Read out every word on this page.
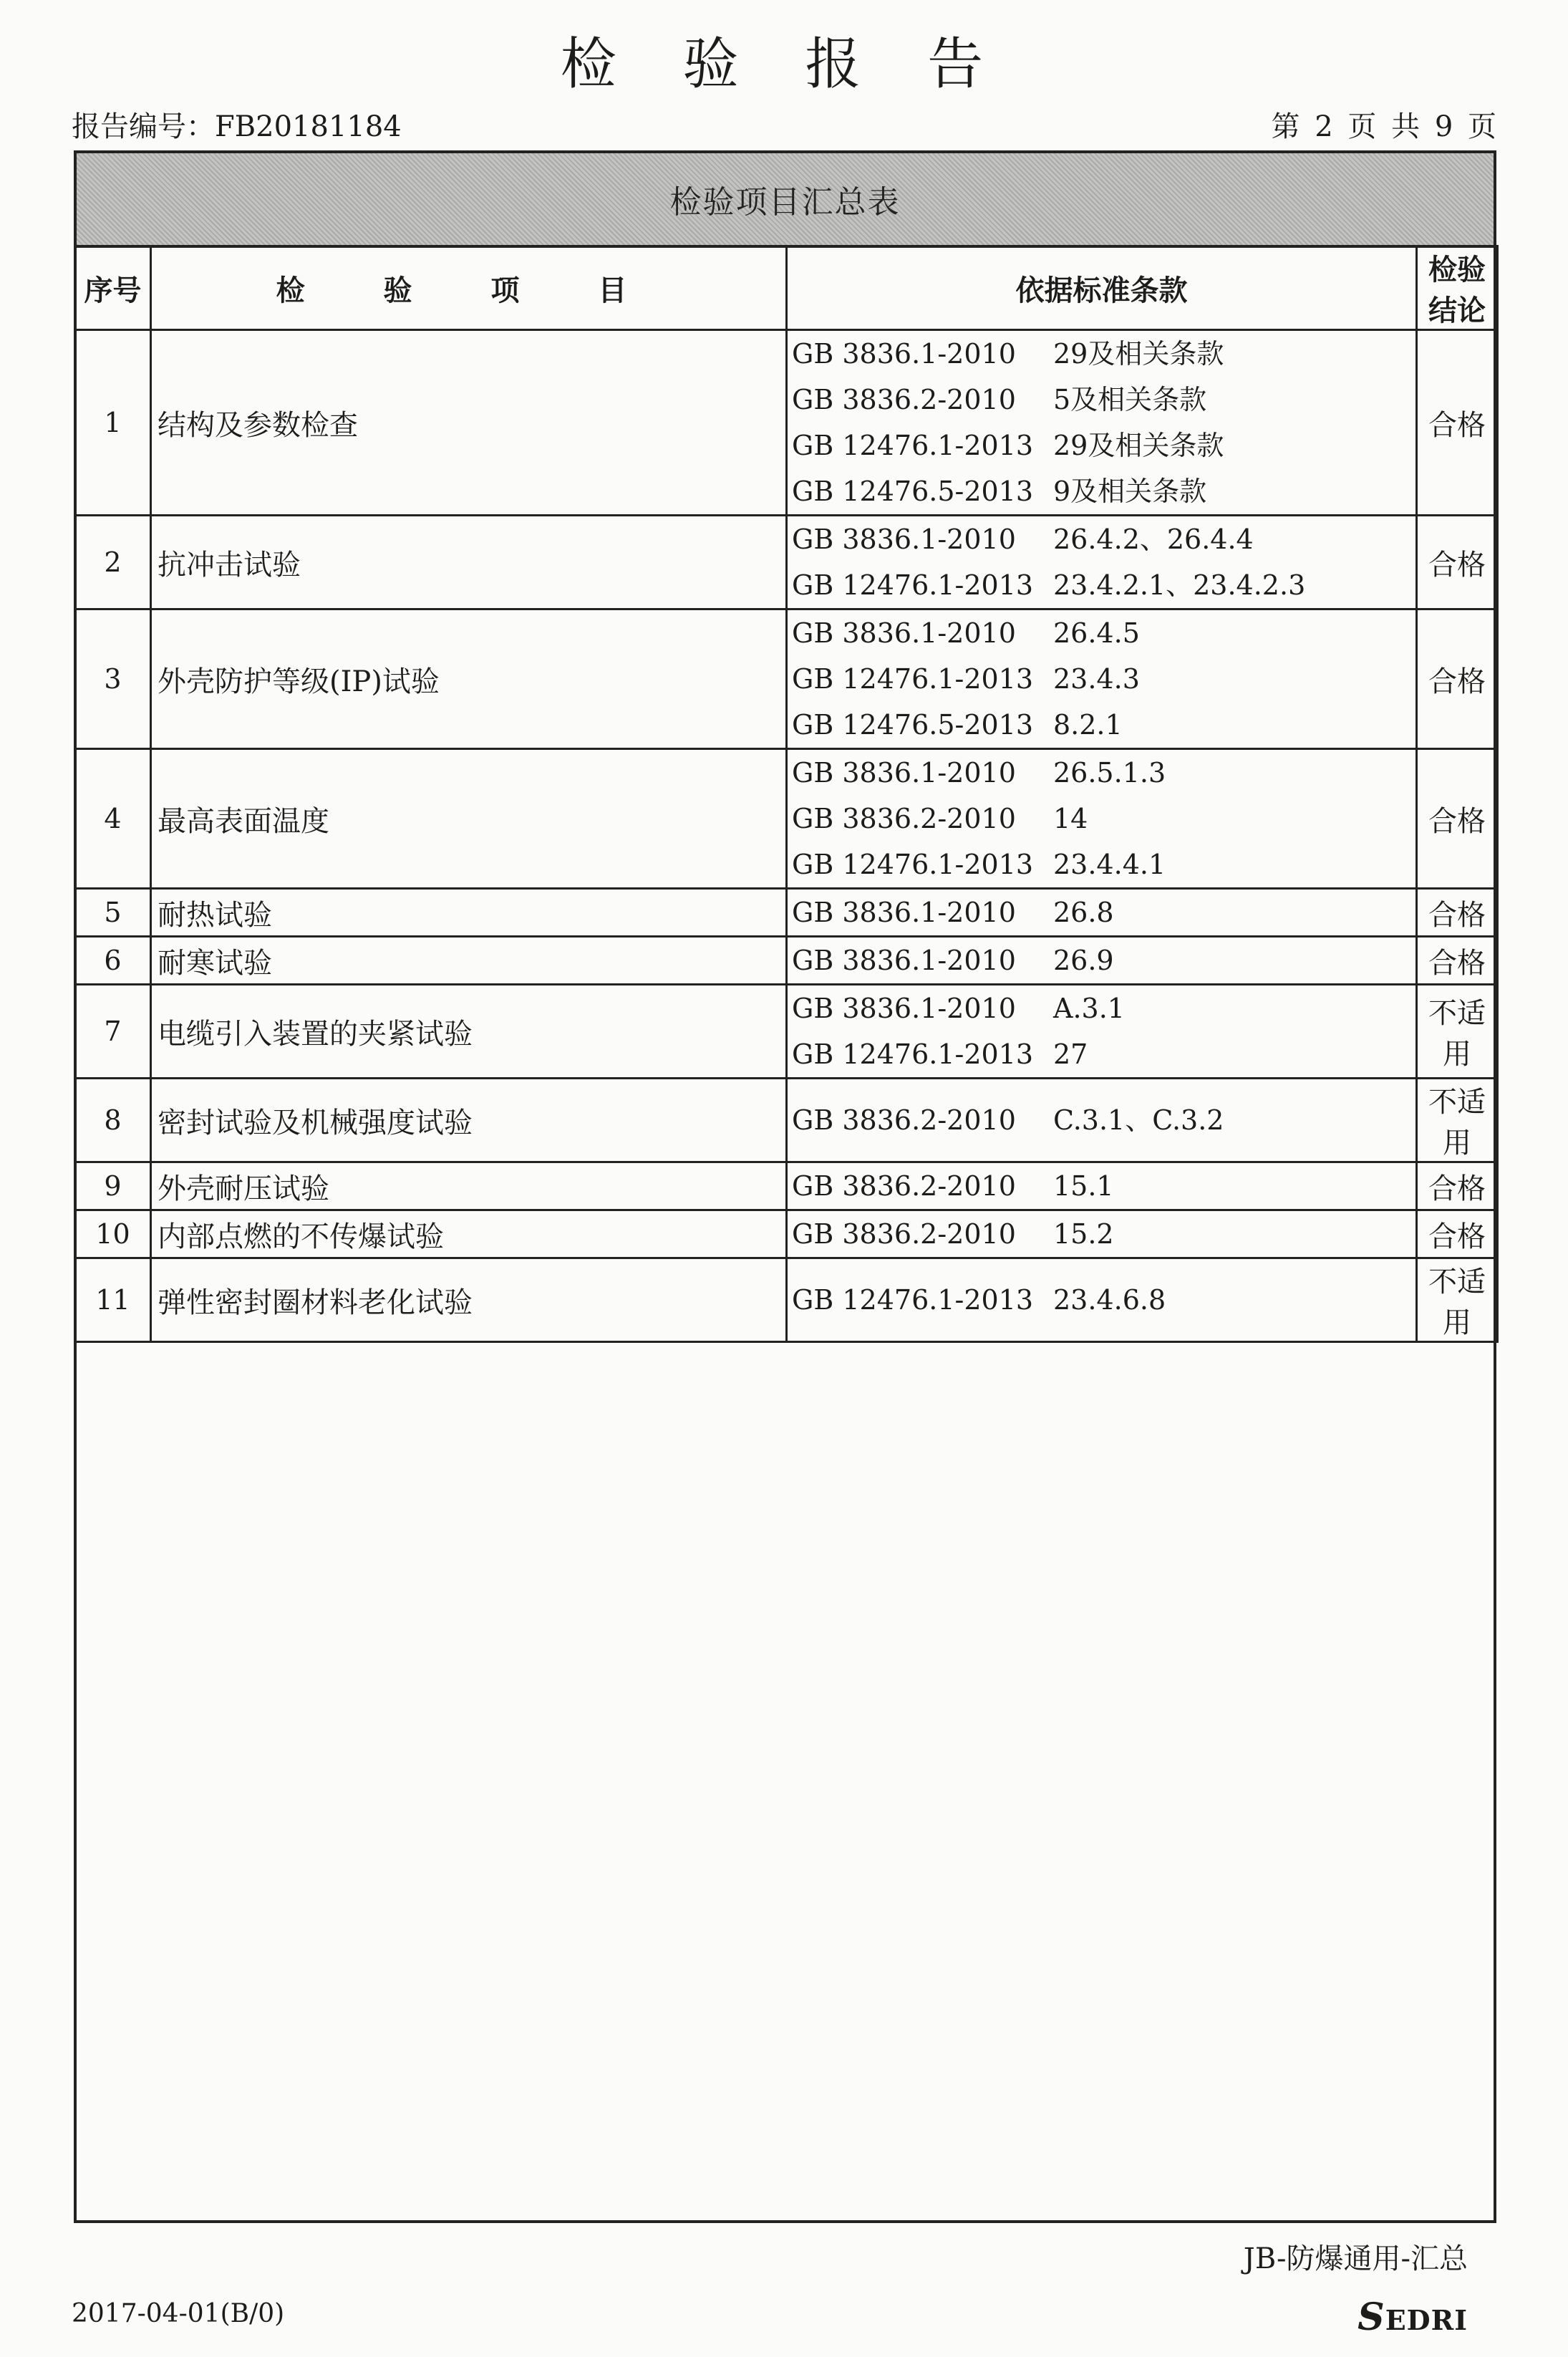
检 验 报 告
报告编号：FB20181184	第 2 页 共 9 页
检验项目汇总表
序号	检 验 项 目	依据标准条款	检验结论
1	结构及参数检查	GB 3836.1-2010 29及相关条款
GB 3836.2-2010 5及相关条款
GB 12476.1-2013 29及相关条款
GB 12476.5-2013 9及相关条款	合格
2	抗冲击试验	GB 3836.1-2010 26.4.2、26.4.4
GB 12476.1-2013 23.4.2.1、23.4.2.3	合格
3	外壳防护等级(IP)试验	GB 3836.1-2010 26.4.5
GB 12476.1-2013 23.4.3
GB 12476.5-2013 8.2.1	合格
4	最高表面温度	GB 3836.1-2010 26.5.1.3
GB 3836.2-2010 14
GB 12476.1-2013 23.4.4.1	合格
5	耐热试验	GB 3836.1-2010 26.8	合格
6	耐寒试验	GB 3836.1-2010 26.9	合格
7	电缆引入装置的夹紧试验	GB 3836.1-2010 A.3.1
GB 12476.1-2013 27	不适用
8	密封试验及机械强度试验	GB 3836.2-2010 C.3.1、C.3.2	不适用
9	外壳耐压试验	GB 3836.2-2010 15.1	合格
10	内部点燃的不传爆试验	GB 3836.2-2010 15.2	合格
11	弹性密封圈材料老化试验	GB 12476.1-2013 23.4.6.8	不适用
JB-防爆通用-汇总
2017-04-01(B/0)	SEDRI
